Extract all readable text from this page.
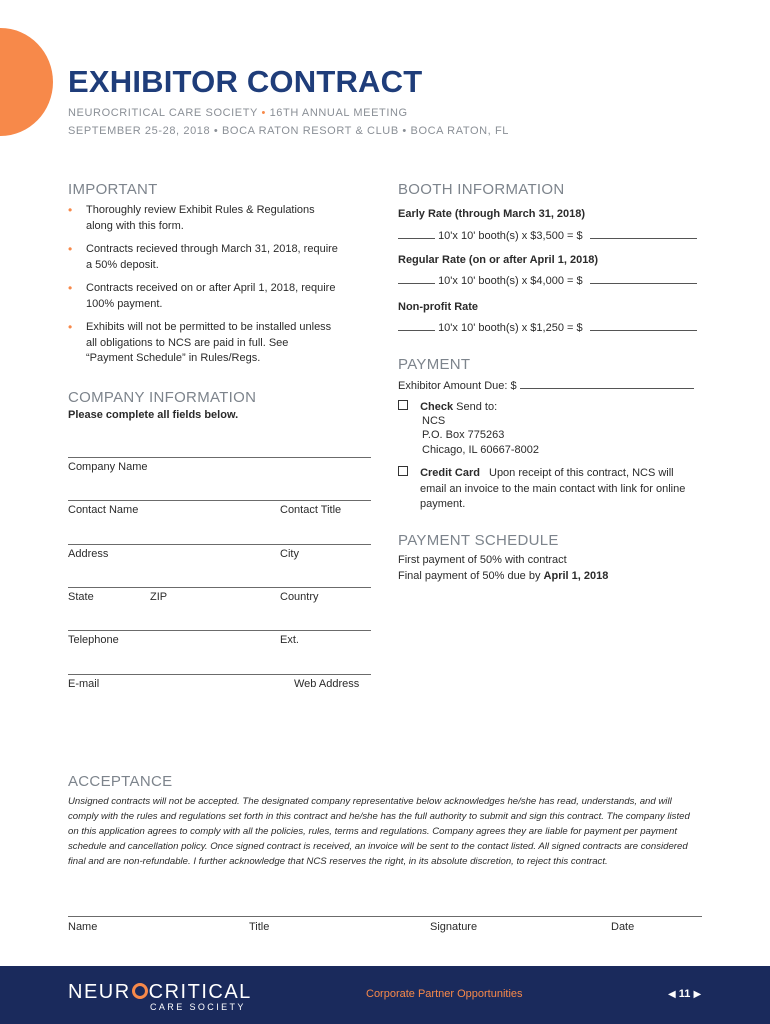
EXHIBITOR CONTRACT
NEUROCRITICAL CARE SOCIETY • 16TH ANNUAL MEETING
SEPTEMBER 25-28, 2018 • BOCA RATON RESORT & CLUB • BOCA RATON, FL
IMPORTANT
• Thoroughly review Exhibit Rules & Regulations along with this form.
• Contracts recieved through March 31, 2018, require a 50% deposit.
• Contracts received on or after April 1, 2018, require 100% payment.
• Exhibits will not be permitted to be installed unless all obligations to NCS are paid in full. See “Payment Schedule” in Rules/Regs.
COMPANY INFORMATION
Please complete all fields below.
Company Name
Contact Name	Contact Title
Address	City
State	ZIP	Country
Telephone	Ext.
E-mail	Web Address
BOOTH INFORMATION
Early Rate (through March 31, 2018)
10'x 10' booth(s) x $3,500 = $
Regular Rate (on or after April 1, 2018)
10'x 10' booth(s) x $4,000 = $
Non-profit Rate
10'x 10' booth(s) x $1,250 = $
PAYMENT
Exhibitor Amount Due: $
Check Send to:
NCS
P.O. Box 775263
Chicago, IL 60667-8002
Credit Card Upon receipt of this contract, NCS will email an invoice to the main contact with link for online payment.
PAYMENT SCHEDULE
First payment of 50% with contract
Final payment of 50% due by April 1, 2018
ACCEPTANCE
Unsigned contracts will not be accepted. The designated company representative below acknowledges he/she has read, understands, and will comply with the rules and regulations set forth in this contract and he/she has the full authority to submit and sign this contract. The company listed on this application agrees to comply with all the policies, rules, terms and regulations. Company agrees they are liable for payment per payment schedule and cancellation policy. Once signed contract is received, an invoice will be sent to the contact listed. All signed contracts are considered final and are non-refundable. I further acknowledge that NCS reserves the right, in its absolute discretion, to reject this contract.
Name	Title	Signature	Date
NEUR CRITICAL
CARE SOCIETY
Corporate Partner Opportunities	◀ 11 ▶
